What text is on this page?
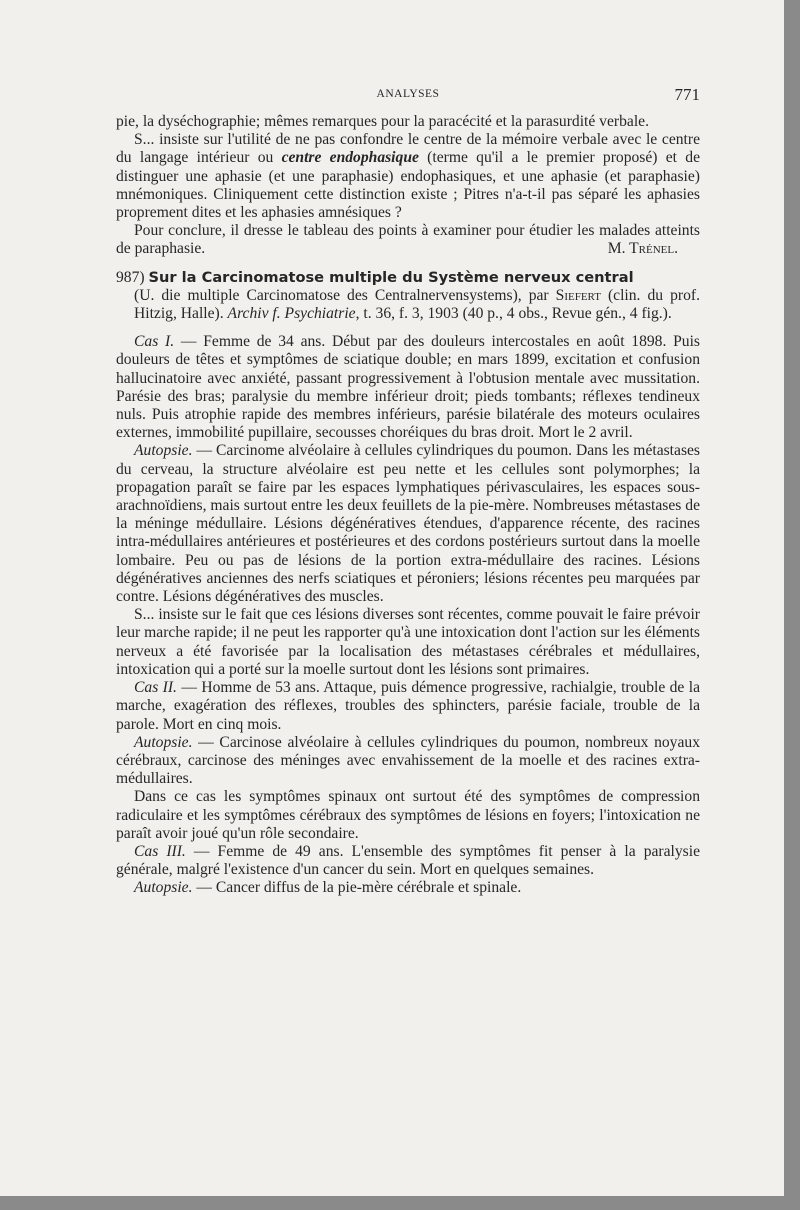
ANALYSES	771

pie, la dyséchographie; mêmes remarques pour la paracécité et la parasurdité verbale.

S... insiste sur l'utilité de ne pas confondre le centre de la mémoire verbale avec le centre du langage intérieur ou centre endophasique (terme qu'il a le premier proposé) et de distinguer une aphasie (et une paraphasie) endophasiques, et une aphasie (et paraphasie) mnémoniques. Cliniquement cette distinction existe ; Pitres n'a-t-il pas séparé les aphasies proprement dites et les aphasies amnésiques ?

Pour conclure, il dresse le tableau des points à examiner pour étudier les malades atteints de paraphasie.	M. Trénel.

987) Sur la Carcinomatose multiple du Système nerveux central

(U. die multiple Carcinomatose des Centralnervensystems), par Siefert (clin. du prof. Hitzig, Halle). Archiv f. Psychiatrie, t. 36, f. 3, 1903 (40 p., 4 obs., Revue gén., 4 fig.).

Cas I. — Femme de 34 ans. Début par des douleurs intercostales en août 1898. Puis douleurs de têtes et symptômes de sciatique double; en mars 1899, excitation et confusion hallucinatoire avec anxiété, passant progressivement à l'obtusion mentale avec mussitation. Parésie des bras; paralysie du membre inférieur droit; pieds tombants; réflexes tendineux nuls. Puis atrophie rapide des membres inférieurs, parésie bilatérale des moteurs oculaires externes, immobilité pupillaire, secousses choréiques du bras droit. Mort le 2 avril.

Autopsie. — Carcinome alvéolaire à cellules cylindriques du poumon. Dans les métastases du cerveau, la structure alvéolaire est peu nette et les cellules sont polymorphes; la propagation paraît se faire par les espaces lymphatiques périvasculaires, les espaces sous-arachnoïdiens, mais surtout entre les deux feuillets de la pie-mère. Nombreuses métastases de la méninge médullaire. Lésions dégénératives étendues, d'apparence récente, des racines intra-médullaires antérieures et postérieures et des cordons postérieurs surtout dans la moelle lombaire. Peu ou pas de lésions de la portion extra-médullaire des racines. Lésions dégénératives anciennes des nerfs sciatiques et péroniers; lésions récentes peu marquées par contre. Lésions dégénératives des muscles.

S... insiste sur le fait que ces lésions diverses sont récentes, comme pouvait le faire prévoir leur marche rapide; il ne peut les rapporter qu'à une intoxication dont l'action sur les éléments nerveux a été favorisée par la localisation des métastases cérébrales et médullaires, intoxication qui a porté sur la moelle surtout dont les lésions sont primaires.

Cas II. — Homme de 53 ans. Attaque, puis démence progressive, rachialgie, trouble de la marche, exagération des réflexes, troubles des sphincters, parésie faciale, trouble de la parole. Mort en cinq mois.

Autopsie. — Carcinose alvéolaire à cellules cylindriques du poumon, nombreux noyaux cérébraux, carcinose des méninges avec envahissement de la moelle et des racines extra-médullaires.

Dans ce cas les symptômes spinaux ont surtout été des symptômes de compression radiculaire et les symptômes cérébraux des symptômes de lésions en foyers; l'intoxication ne paraît avoir joué qu'un rôle secondaire.

Cas III. — Femme de 49 ans. L'ensemble des symptômes fit penser à la paralysie générale, malgré l'existence d'un cancer du sein. Mort en quelques semaines.

Autopsie. — Cancer diffus de la pie-mère cérébrale et spinale.
